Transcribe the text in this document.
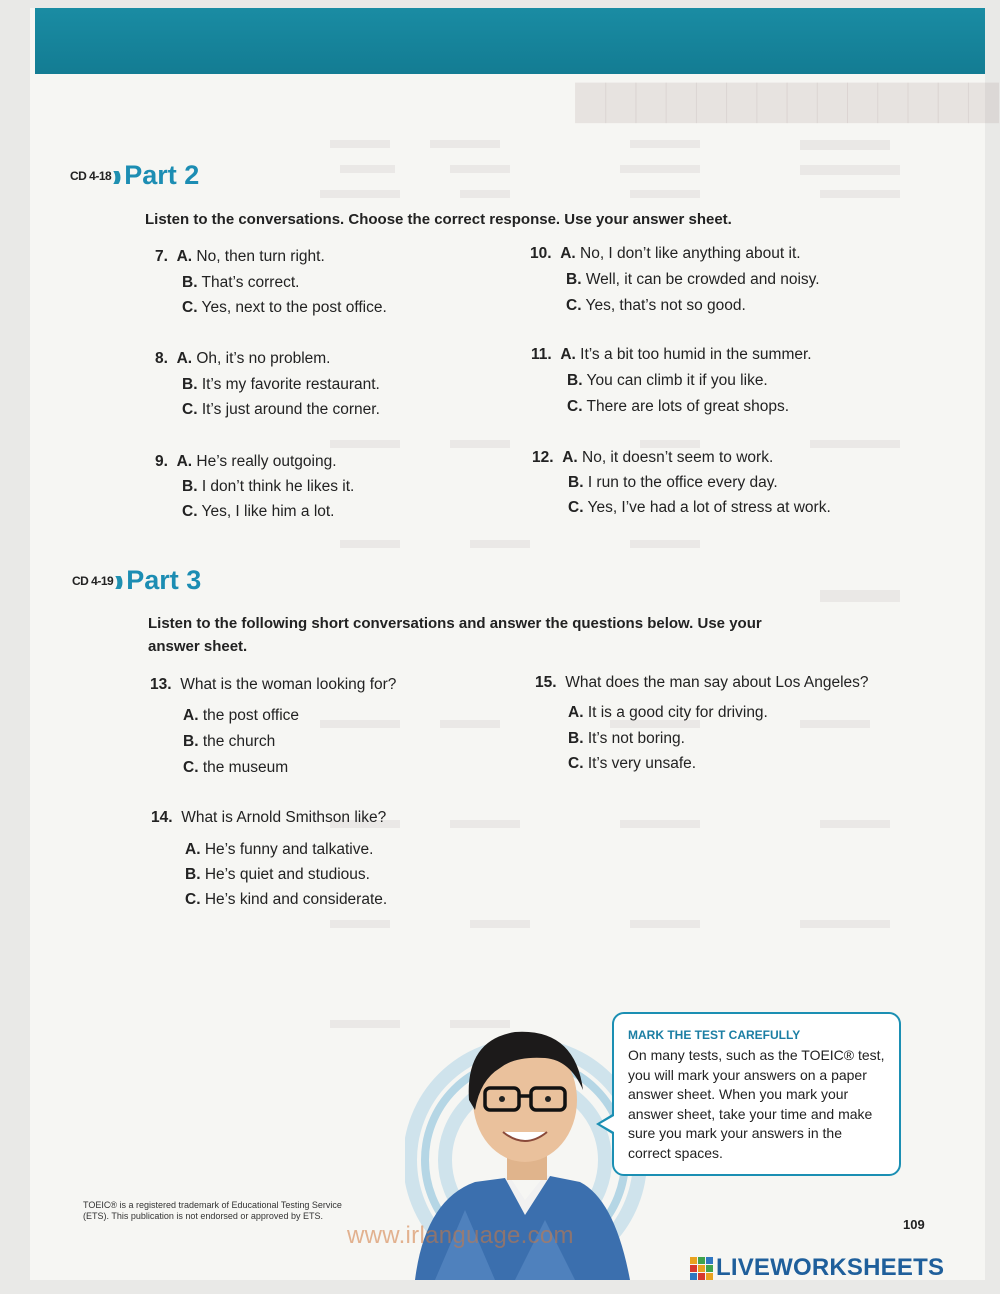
▇▇▇▇▇▇▇▇▇▇▇▇▇▇
CD 4-18 ))) Part 2
Listen to the conversations. Choose the correct response. Use your answer sheet.
7. A. No, then turn right.
B. That’s correct.
C. Yes, next to the post office.
8. A. Oh, it’s no problem.
B. It’s my favorite restaurant.
C. It’s just around the corner.
9. A. He’s really outgoing.
B. I don’t think he likes it.
C. Yes, I like him a lot.
10. A. No, I don’t like anything about it.
B. Well, it can be crowded and noisy.
C. Yes, that’s not so good.
11. A. It’s a bit too humid in the summer.
B. You can climb it if you like.
C. There are lots of great shops.
12. A. No, it doesn’t seem to work.
B. I run to the office every day.
C. Yes, I’ve had a lot of stress at work.
CD 4-19 ))) Part 3
Listen to the following short conversations and answer the questions below. Use your
answer sheet.
13. What is the woman looking for?
A. the post office
B. the church
C. the museum
14. What is Arnold Smithson like?
A. He’s funny and talkative.
B. He’s quiet and studious.
C. He’s kind and considerate.
15. What does the man say about Los Angeles?
A. It is a good city for driving.
B. It’s not boring.
C. It’s very unsafe.
MARK THE TEST CAREFULLY
On many tests, such as the TOEIC® test,
you will mark your answers on a paper
answer sheet. When you mark your
answer sheet, take your time and make
sure you mark your answers in the
correct spaces.
TOEIC® is a registered trademark of Educational Testing Service
(ETS). This publication is not endorsed or approved by ETS.
www.irlanguage.com	109
LIVEWORKSHEETS
